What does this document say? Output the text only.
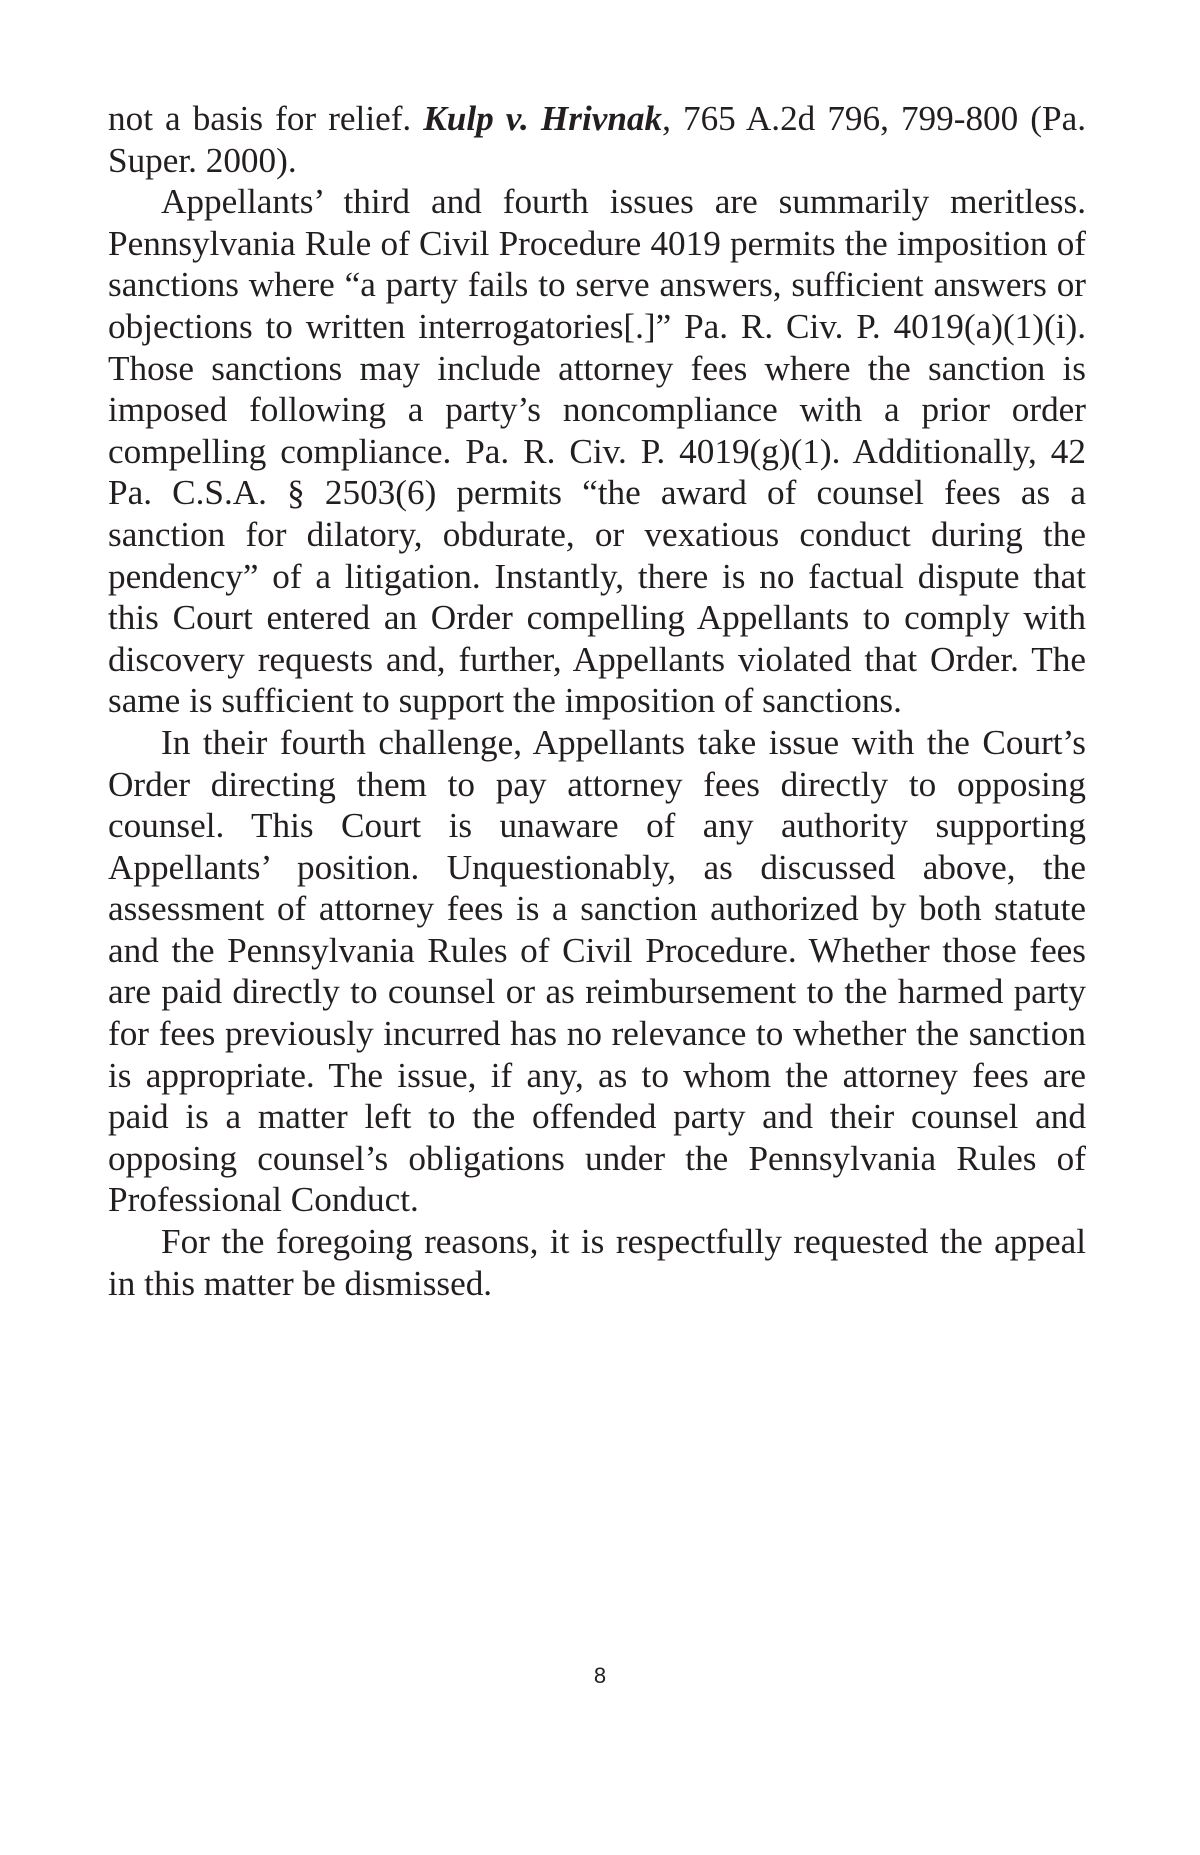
not a basis for relief. Kulp v. Hrivnak, 765 A.2d 796, 799-800 (Pa. Super. 2000).

Appellants’ third and fourth issues are summarily meritless. Pennsylvania Rule of Civil Procedure 4019 permits the imposition of sanctions where “a party fails to serve answers, sufficient answers or objections to written interrogatories[.]” Pa. R. Civ. P. 4019(a)(1)(i). Those sanctions may include attorney fees where the sanction is imposed following a party’s noncompliance with a prior order compelling compliance. Pa. R. Civ. P. 4019(g)(1). Additionally, 42 Pa. C.S.A. § 2503(6) permits “the award of counsel fees as a sanction for dilatory, obdurate, or vexatious conduct during the pendency” of a litigation. Instantly, there is no factual dispute that this Court entered an Order compelling Appellants to comply with discovery requests and, further, Appellants violated that Order. The same is sufficient to support the imposition of sanctions.

In their fourth challenge, Appellants take issue with the Court’s Order directing them to pay attorney fees directly to opposing counsel. This Court is unaware of any authority supporting Appellants’ position. Unquestionably, as discussed above, the assessment of attorney fees is a sanction authorized by both statute and the Pennsylvania Rules of Civil Procedure. Whether those fees are paid directly to counsel or as reimbursement to the harmed party for fees previously incurred has no relevance to whether the sanction is appropriate. The issue, if any, as to whom the attorney fees are paid is a matter left to the offended party and their counsel and opposing counsel’s obligations under the Pennsylvania Rules of Professional Conduct.

For the foregoing reasons, it is respectfully requested the appeal in this matter be dismissed.

8
